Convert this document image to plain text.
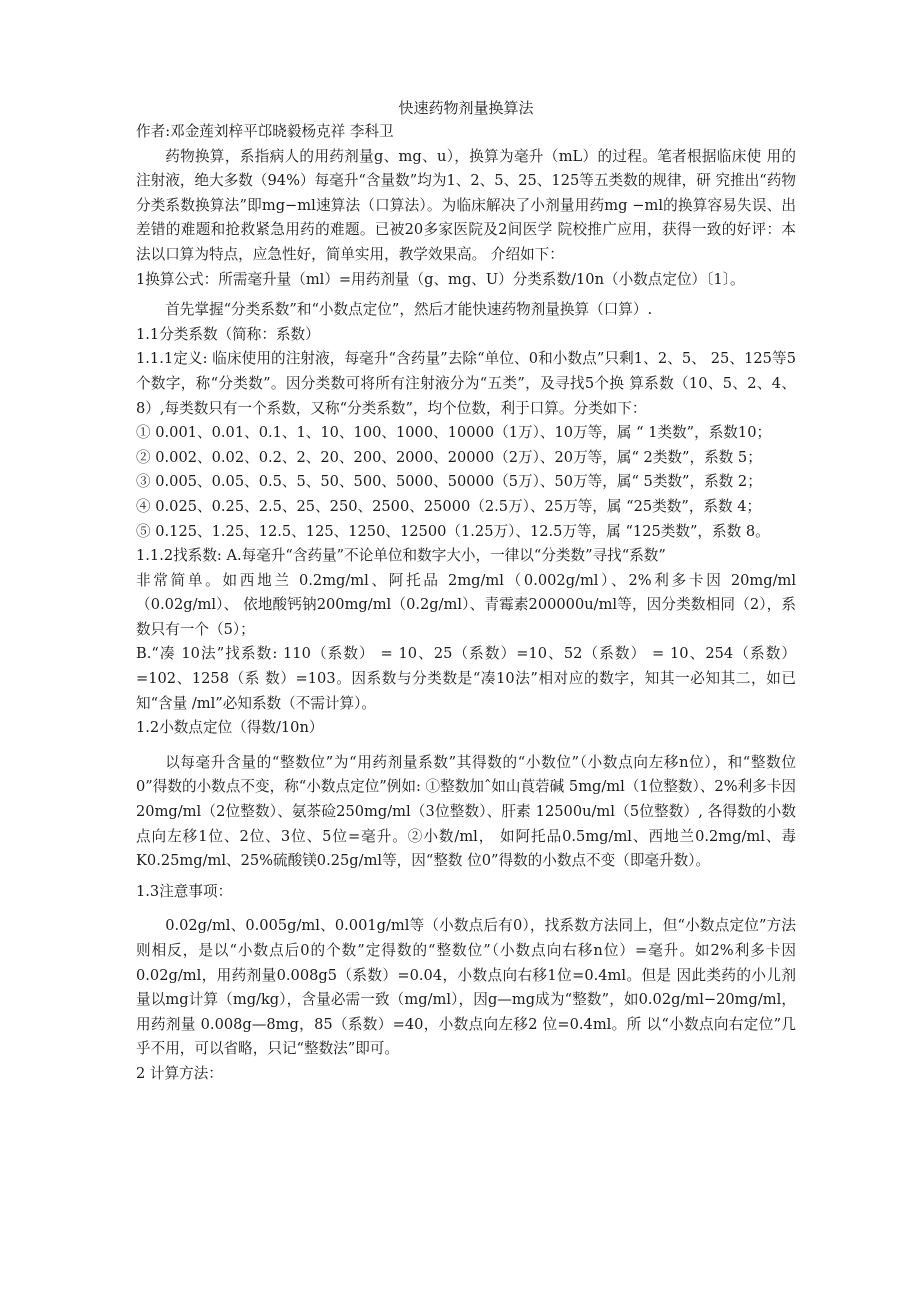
快速药物剂量换算法

作者:邓金莲刘梓平邙晓毅杨克祥 李科卫

药物换算，系指病人的用药剂量g、mg、u），换算为毫升（mL）的过程。笔者根据临床使 用的注射液，绝大多数（94%）每毫升“含量数”均为1、2、5、25、125等五类数的规律，研 究推出“药物分类系数换算法”即mg−ml速算法（口算法）。为临床解决了小剂量用药mg −ml的换算容易失误、出差错的难题和抢救紧急用药的难题。已被20多家医院及2间医学 院校推广应用，获得一致的好评：本法以口算为特点，应急性好，简单实用，教学效果高。 介绍如下：

1换算公式：所需毫升量（ml）=用药剂量（g、mg、U）分类系数/10n（小数点定位）〔1〕。

首先掌握“分类系数”和“小数点定位”，然后才能快速药物剂量换算（口算）.

1.1分类系数（简称：系数）

1.1.1定义: 临床使用的注射液，每毫升“含药量”去除“单位、0和小数点”只剩1、2、5、 25、125等5个数字，称“分类数”。因分类数可将所有注射液分为“五类”，及寻找5个换 算系数（10、5、2、4、8）,每类数只有一个系数，又称“分类系数”，均个位数，利于口算。分类如下：

① 0.001、0.01、0.1、1、10、100、1000、10000（1万）、10万等，属 “ 1类数”，系数10；

② 0.002、0.02、0.2、2、20、200、2000、20000（2万）、20万等，属“ 2类数”，系数 5；

③ 0.005、0.05、0.5、5、50、500、5000、50000（5万）、50万等，属“ 5类数”，系数 2；

④ 0.025、0.25、2.5、25、250、2500、25000（2.5万）、25万等，属 “25类数”，系数 4；

⑤ 0.125、1.25、12.5、125、1250、12500（1.25万）、12.5万等，属 “125类数”，系数 8。

1.1.2找系数: A.每毫升“含药量”不论单位和数字大小，一律以“分类数”寻找“系数”

非常简单。如西地兰 0.2mg/ml、阿托品 2mg/ml（0.002g/ml）、2%利多卡因 20mg/ml（0.02g/ml）、 依地酸钙钠200mg/ml（0.2g/ml）、青霉素200000u/ml等，因分类数相同（2），系数只有一个（5）；

B.“凑 10法”找系数: 110（系数） = 10、25（系数）=10、52（系数） = 10、254（系数）=102、1258（系 数）=103。因系数与分类数是“凑10法”相对应的数字，知其一必知其二，如已知“含量 /ml”必知系数（不需计算）。

1.2小数点定位（得数/10n）

以每毫升含量的“整数位”为“用药剂量系数”其得数的“小数位”（小数点向左移n位），和“整数位0”得数的小数点不变，称“小数点定位”例如: ①整数加ˆ如山莨菪碱 5mg/ml（1位整数）、2%利多卡因20mg/ml（2位整数）、氨茶硷250mg/ml（3位整数）、肝素 12500u/ml（5位整数）, 各得数的小数点向左移1位、2位、3位、5位=毫升。②小数/ml， 如阿托品0.5mg/ml、西地兰0.2mg/ml、毒K0.25mg/ml、25%硫酸镁0.25g/ml等，因“整数 位0”得数的小数点不变（即毫升数）。

1.3注意事项：

0.02g/ml、0.005g/ml、0.001g/ml等（小数点后有0），找系数方法同上，但“小数点定位”方法则相反，是以“小数点后0的个数”定得数的“整数位”（小数点向右移n位）=毫升。如2%利多卡因0.02g/ml，用药剂量0.008g5（系数）=0.04，小数点向右移1位=0.4ml。但是 因此类药的小儿剂量以mg计算（mg/kg），含量必需一致（mg/ml），因g—mg成为“整数”，如0.02g/ml−20mg/ml，用药剂量 0.008g—8mg，85（系数）=40，小数点向左移2 位=0.4ml。所 以“小数点向右定位”几乎不用，可以省略，只记“整数法”即可。

2 计算方法：
